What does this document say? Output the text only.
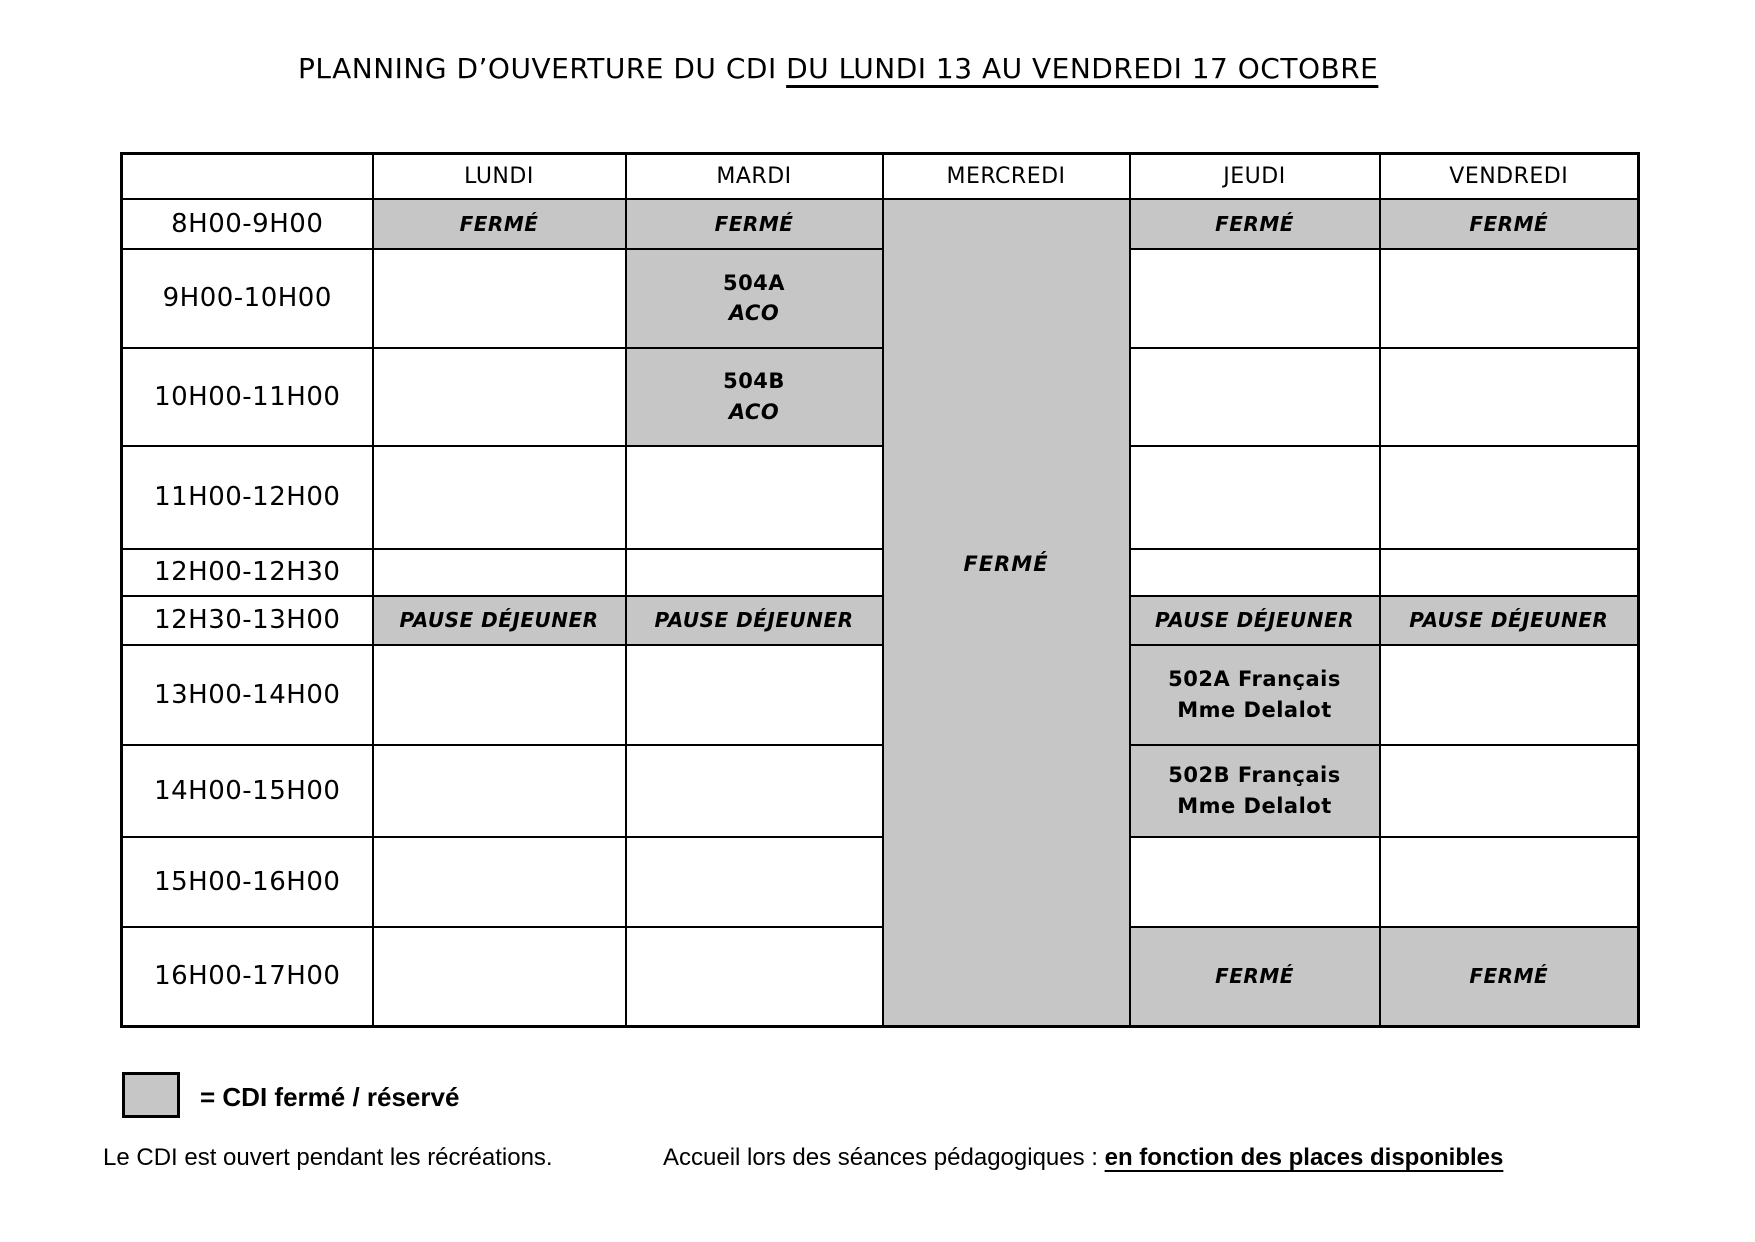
PLANNING D’OUVERTURE DU CDI DU LUNDI 13 AU VENDREDI 17 OCTOBRE
	LUNDI	MARDI	MERCREDI	JEUDI	VENDREDI
8H00-9H00	FERMÉ	FERMÉ	FERMÉ	FERMÉ	FERMÉ
9H00-10H00		504A
ACO			

10H00-11H00		504B
ACO			

11H00-12H00					
12H00-12H30					
12H30-13H00	PAUSE DÉJEUNER	PAUSE DÉJEUNER		PAUSE DÉJEUNER	PAUSE DÉJEUNER
13H00-14H00				502A Français
Mme Delalot	

14H00-15H00				502B Français
Mme Delalot	

15H00-16H00					
16H00-17H00				FERMÉ	FERMÉ
= CDI fermé / réservé
Le CDI est ouvert pendant les récréations.	Accueil lors des séances pédagogiques : en fonction des places disponibles
